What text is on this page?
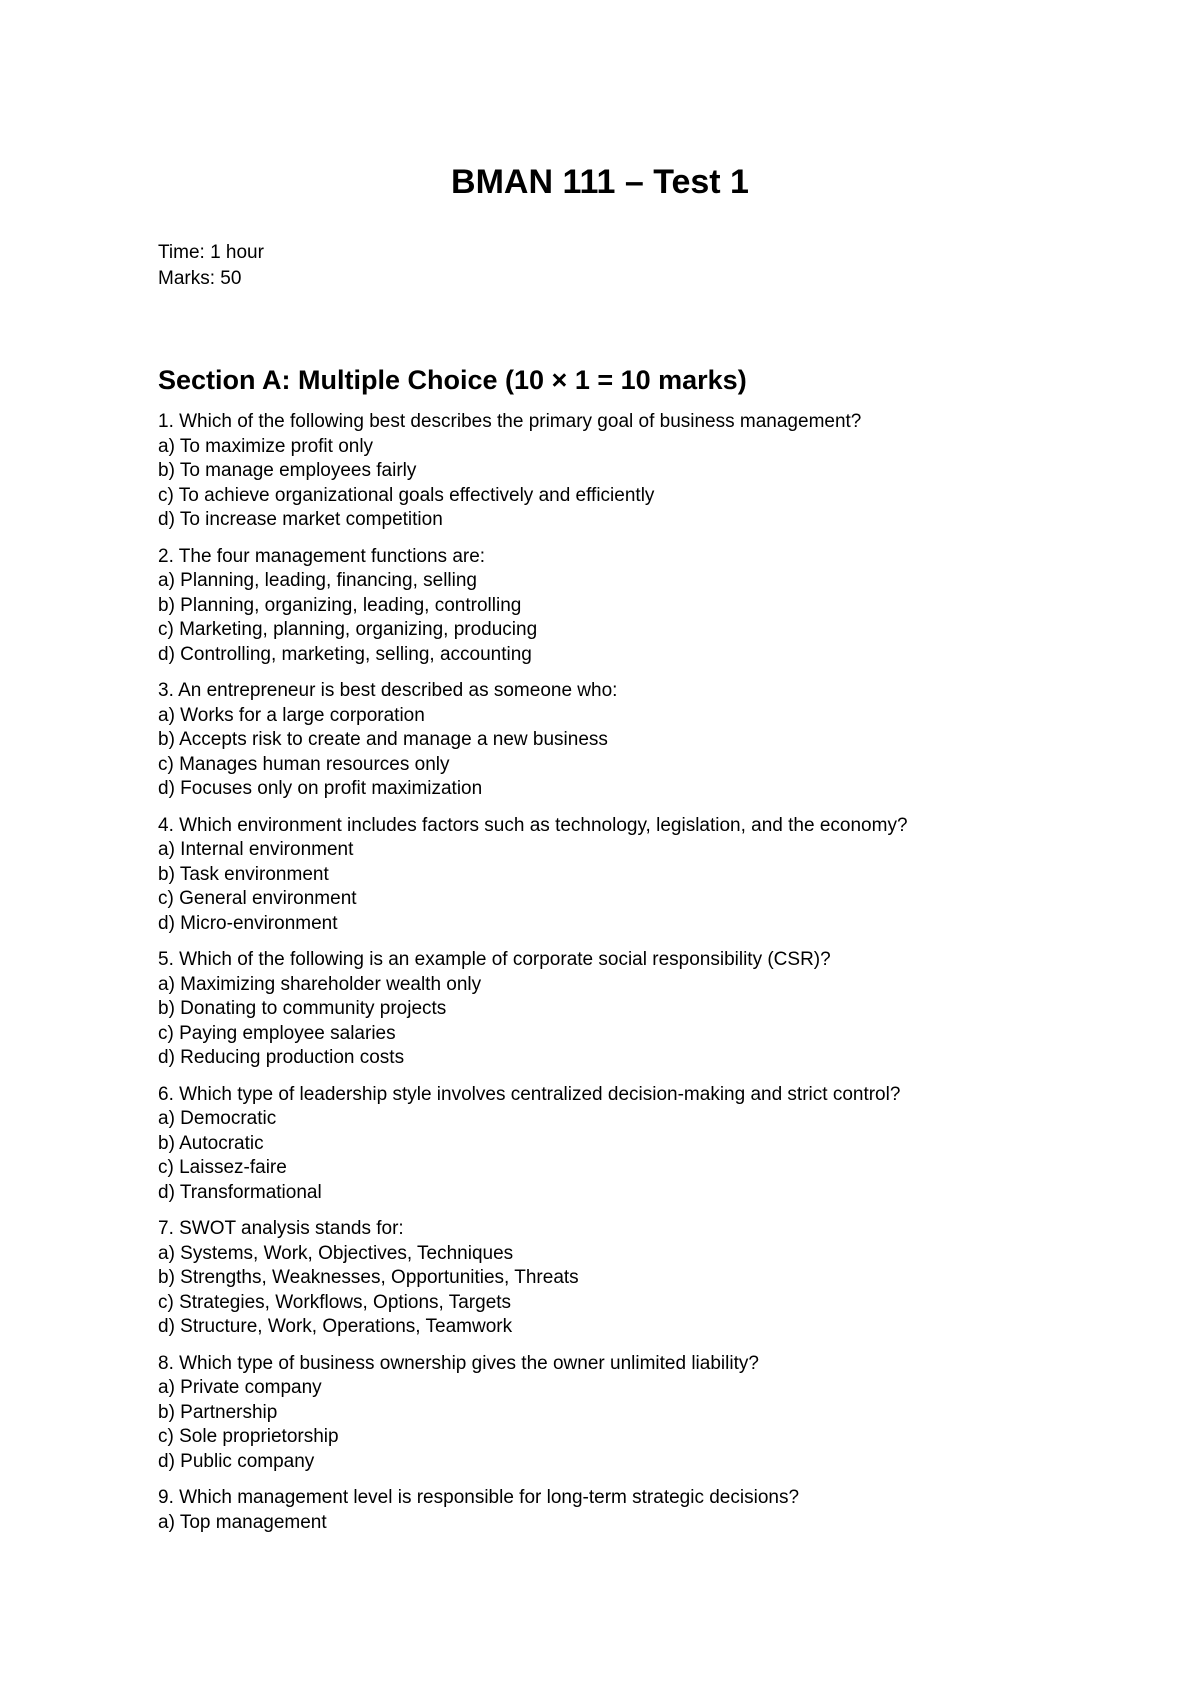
BMAN 111 – Test 1
Time: 1 hour
Marks: 50
Section A: Multiple Choice (10 × 1 = 10 marks)
1. Which of the following best describes the primary goal of business management?
a) To maximize profit only
b) To manage employees fairly
c) To achieve organizational goals effectively and efficiently
d) To increase market competition
2. The four management functions are:
a) Planning, leading, financing, selling
b) Planning, organizing, leading, controlling
c) Marketing, planning, organizing, producing
d) Controlling, marketing, selling, accounting
3. An entrepreneur is best described as someone who:
a) Works for a large corporation
b) Accepts risk to create and manage a new business
c) Manages human resources only
d) Focuses only on profit maximization
4. Which environment includes factors such as technology, legislation, and the economy?
a) Internal environment
b) Task environment
c) General environment
d) Micro-environment
5. Which of the following is an example of corporate social responsibility (CSR)?
a) Maximizing shareholder wealth only
b) Donating to community projects
c) Paying employee salaries
d) Reducing production costs
6. Which type of leadership style involves centralized decision-making and strict control?
a) Democratic
b) Autocratic
c) Laissez-faire
d) Transformational
7. SWOT analysis stands for:
a) Systems, Work, Objectives, Techniques
b) Strengths, Weaknesses, Opportunities, Threats
c) Strategies, Workflows, Options, Targets
d) Structure, Work, Operations, Teamwork
8. Which type of business ownership gives the owner unlimited liability?
a) Private company
b) Partnership
c) Sole proprietorship
d) Public company
9. Which management level is responsible for long-term strategic decisions?
a) Top management
